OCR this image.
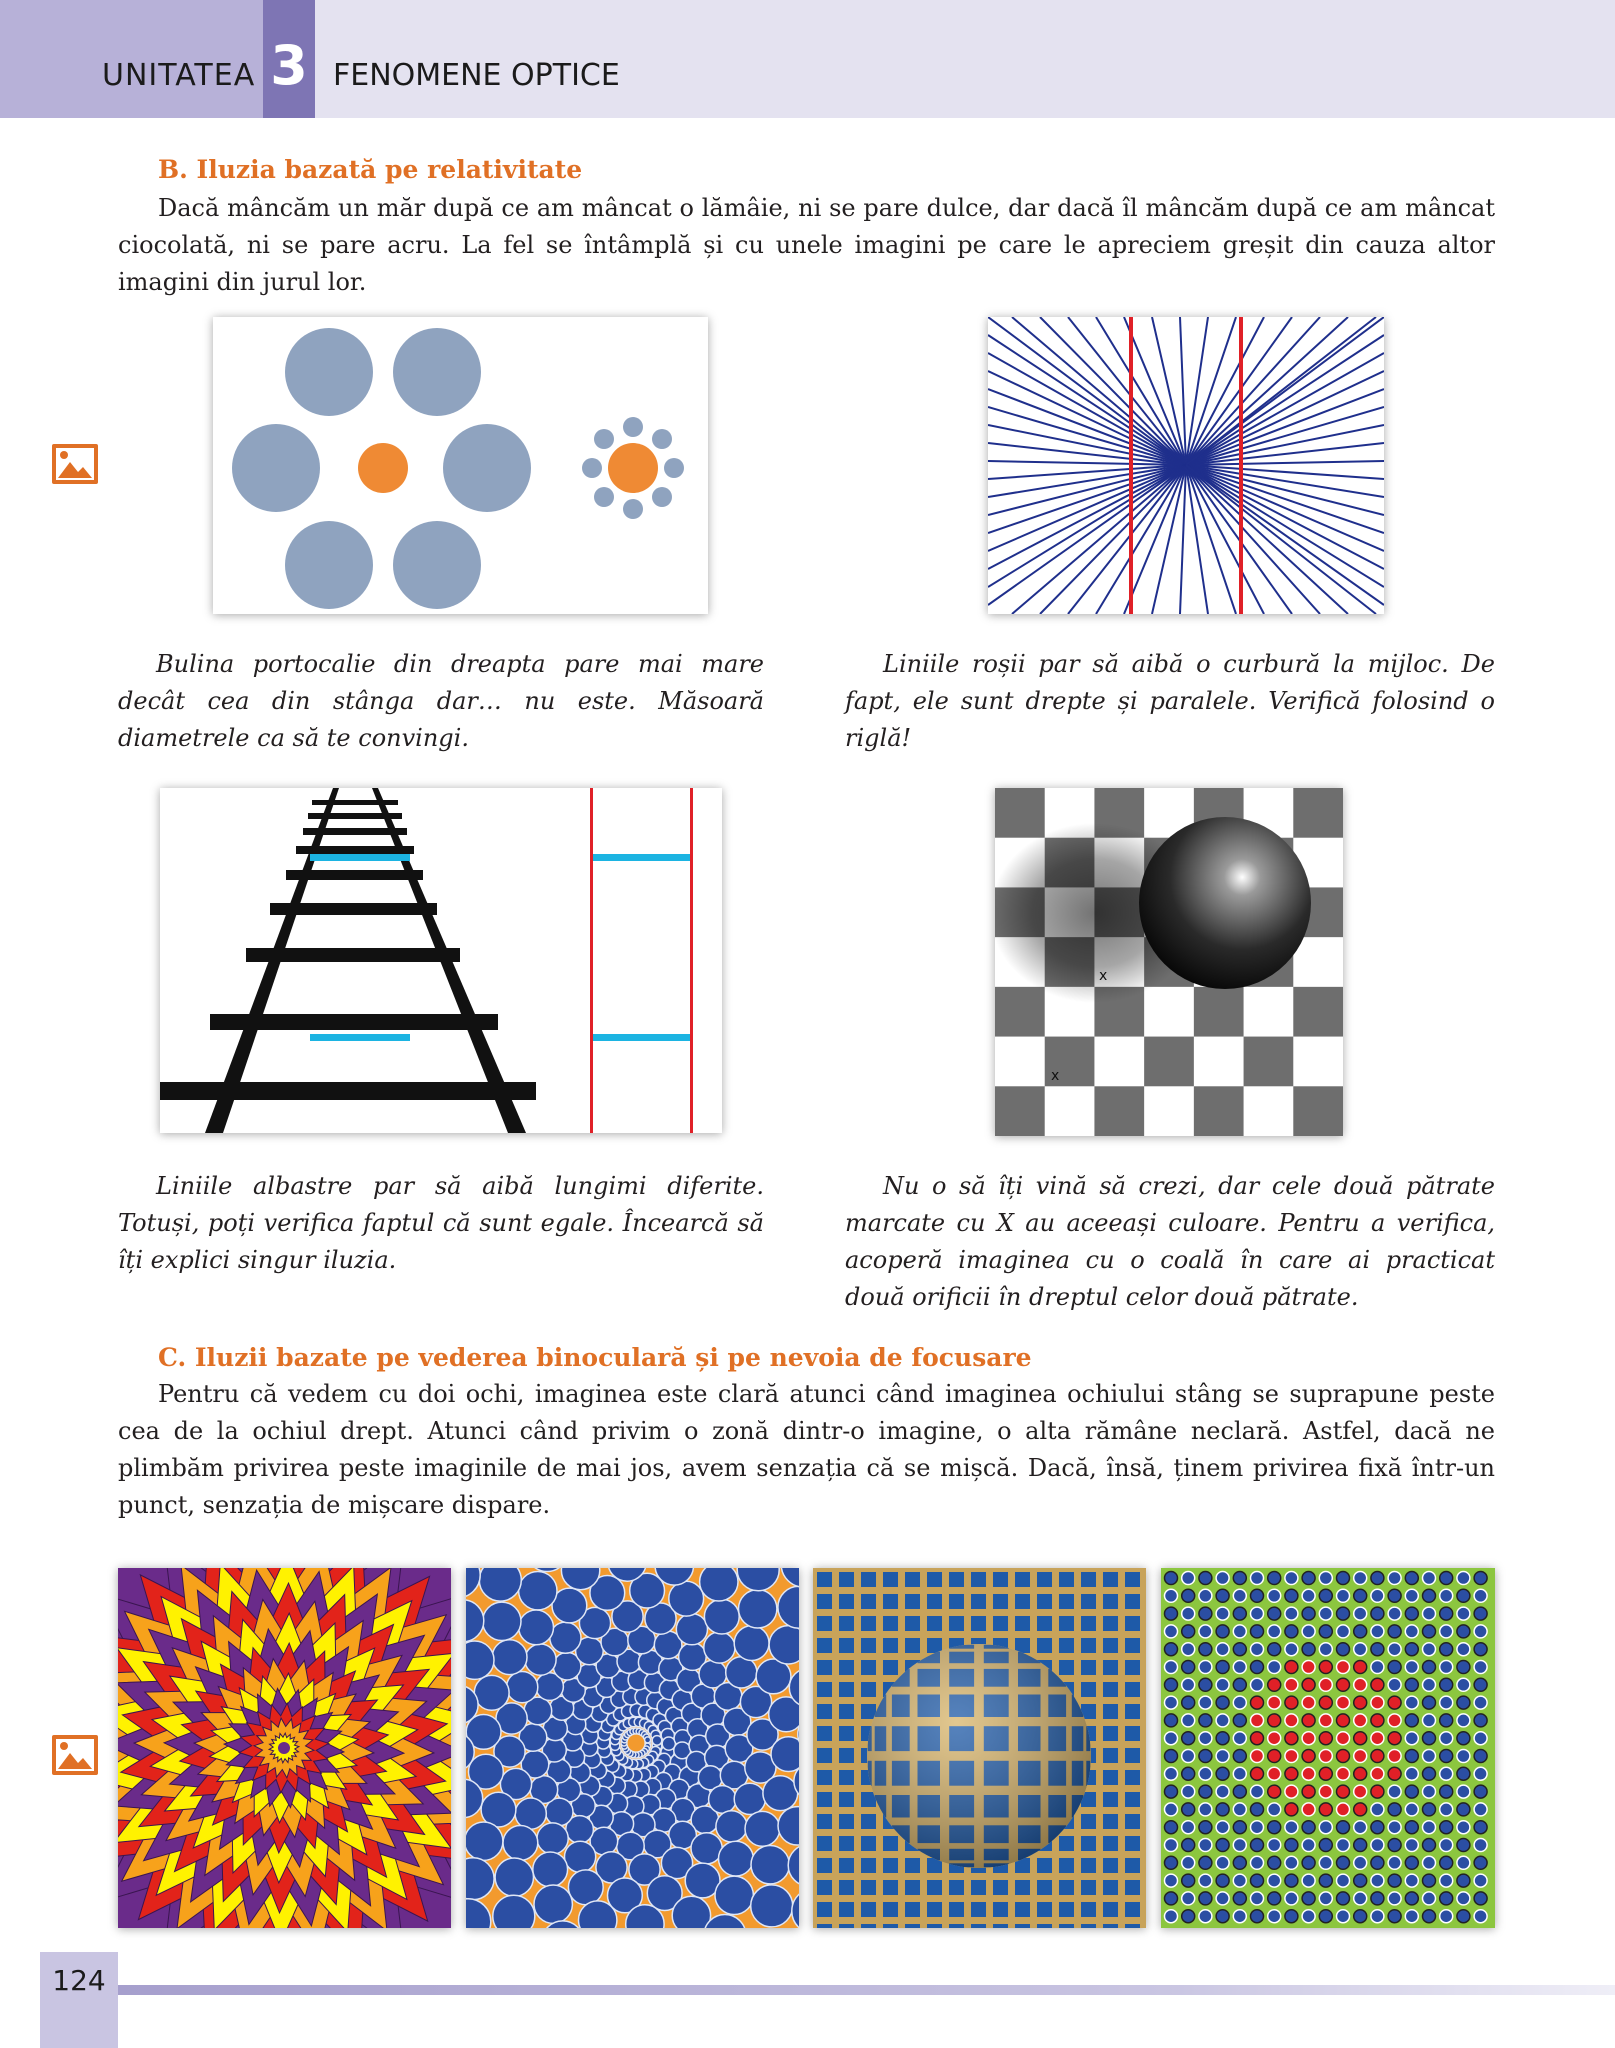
UNITATEA 3 FENOMENE OPTICE
B. Iluzia bazată pe relativitate

Dacă mâncăm un măr după ce am mâncat o lămâie, ni se pare dulce, dar dacă îl mâncăm după ce am mâncat ciocolată, ni se pare acru. La fel se întâmplă și cu unele imagini pe care le apreciem greșit din cauza altor imagini din jurul lor.

Bulina portocalie din dreapta pare mai mare decât cea din stânga dar… nu este. Măsoară diametrele ca să te convingi.

Liniile roșii par să aibă o curbură la mijloc. De fapt, ele sunt drepte și paralele. Verifică folosind o riglă!

x
x

Liniile albastre par să aibă lungimi diferite. Totuși, poți verifica faptul că sunt egale. Încearcă să îți explici singur iluzia.

Nu o să îți vină să crezi, dar cele două pătrate marcate cu X au aceeași culoare. Pentru a verifica, acoperă imaginea cu o coală în care ai practicat două orificii în dreptul celor două pătrate.

C. Iluzii bazate pe vederea binoculară și pe nevoia de focusare

Pentru că vedem cu doi ochi, imaginea este clară atunci când imaginea ochiului stâng se suprapune peste cea de la ochiul drept. Atunci când privim o zonă dintr-o imagine, o alta rămâne neclară. Astfel, dacă ne plimbăm privirea peste imaginile de mai jos, avem senzația că se mișcă. Dacă, însă, ținem privirea fixă într-un punct, senzația de mișcare dispare.

124
